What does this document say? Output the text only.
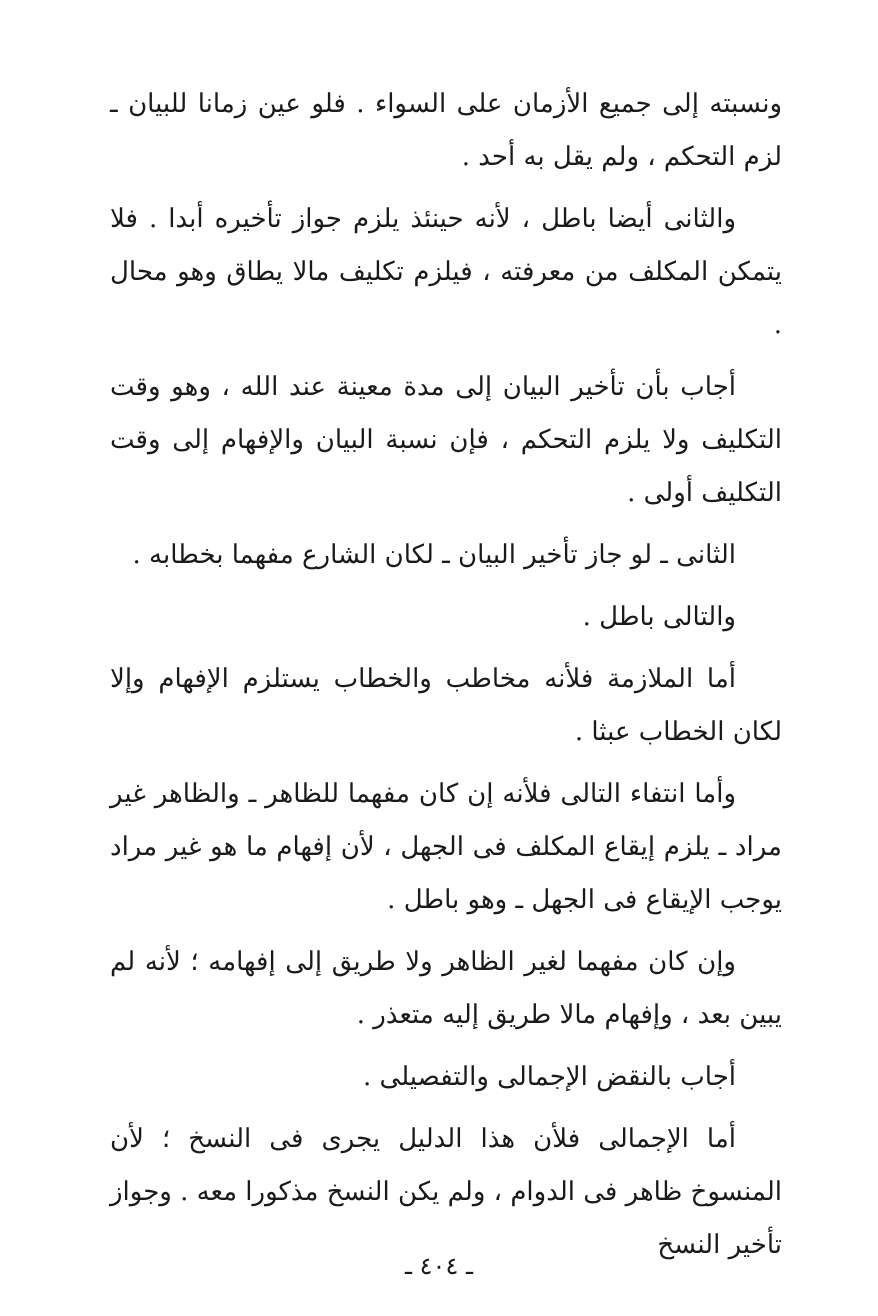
ونسبته إلى جميع الأزمان على السواء . فلو عين زمانا للبيان ـ لزم التحكم ، ولم يقل به أحد .

والثانى أيضا باطل ، لأنه حينئذ يلزم جواز تأخيره أبدا . فلا يتمكن المكلف من معرفته ، فيلزم تكليف مالا يطاق وهو محال .

أجاب بأن تأخير البيان إلى مدة معينة عند الله ، وهو وقت التكليف ولا يلزم التحكم ، فإن نسبة البيان والإفهام إلى وقت التكليف أولى .

الثانى ـ لو جاز تأخير البيان ـ لكان الشارع مفهما بخطابه .

والتالى باطل .

أما الملازمة فلأنه مخاطب والخطاب يستلزم الإفهام وإلا لكان الخطاب عبثا .

وأما انتفاء التالى فلأنه إن كان مفهما للظاهر ـ والظاهر غير مراد ـ يلزم إيقاع المكلف فى الجهل ، لأن إفهام ما هو غير مراد يوجب الإيقاع فى الجهل ـ وهو باطل .

وإن كان مفهما لغير الظاهر ولا طريق إلى إفهامه ؛ لأنه لم يبين بعد ، وإفهام مالا طريق إليه متعذر .

أجاب بالنقض الإجمالى والتفصيلى .

أما الإجمالى فلأن هذا الدليل يجرى فى النسخ ؛ لأن المنسوخ ظاهر فى الدوام ، ولم يكن النسخ مذكورا معه . وجواز تأخير النسخ

ـ ٤٠٤ ـ
